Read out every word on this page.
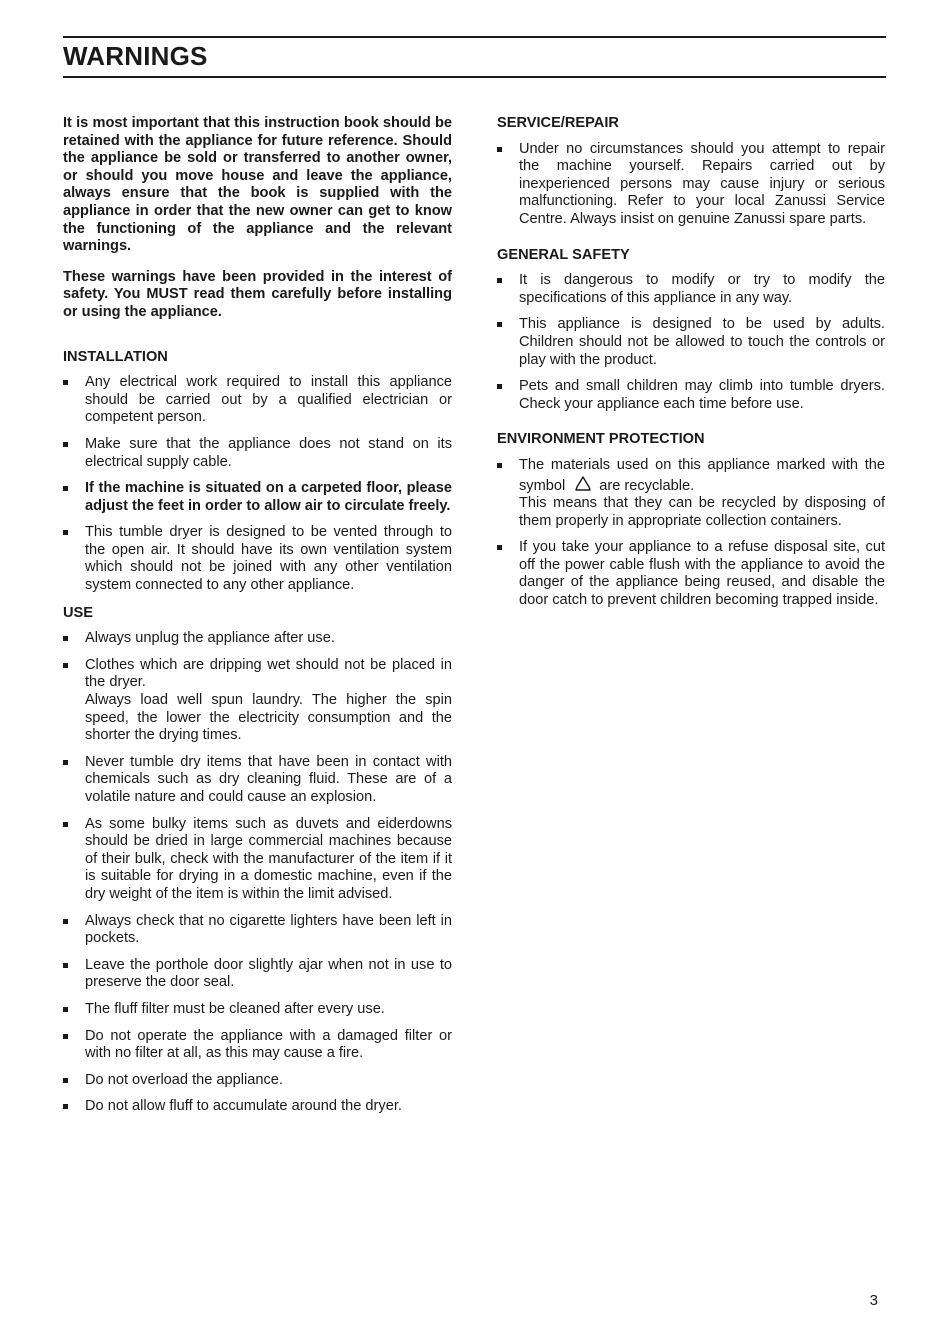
WARNINGS

It is most important that this instruction book should be retained with the appliance for future reference. Should the appliance be sold or transferred to another owner, or should you move house and leave the appliance, always ensure that the book is supplied with the appliance in order that the new owner can get to know the functioning of the appliance and the relevant warnings.

These warnings have been provided in the interest of safety. You MUST read them carefully before installing or using the appliance.

INSTALLATION
Any electrical work required to install this appliance should be carried out by a qualified electrician or competent person.
Make sure that the appliance does not stand on its electrical supply cable.
If the machine is situated on a carpeted floor, please adjust the feet in order to allow air to circulate freely.
This tumble dryer is designed to be vented through to the open air. It should have its own ventilation system which should not be joined with any other ventilation system connected to any other appliance.
USE
Always unplug the appliance after use.
Clothes which are dripping wet should not be placed in the dryer.
Always load well spun laundry. The higher the spin speed, the lower the electricity consumption and the shorter the drying times.
Never tumble dry items that have been in contact with chemicals such as dry cleaning fluid. These are of a volatile nature and could cause an explosion.
As some bulky items such as duvets and eiderdowns should be dried in large commercial machines because of their bulk, check with the manufacturer of the item if it is suitable for drying in a domestic machine, even if the dry weight of the item is within the limit advised.
Always check that no cigarette lighters have been left in pockets.
Leave the porthole door slightly ajar when not in use to preserve the door seal.
The fluff filter must be cleaned after every use.
Do not operate the appliance with a damaged filter or with no filter at all, as this may cause a fire.
Do not overload the appliance.
Do not allow fluff to accumulate around the dryer.
SERVICE/REPAIR
Under no circumstances should you attempt to repair the machine yourself. Repairs carried out by inexperienced persons may cause injury or serious malfunctioning. Refer to your local Zanussi Service Centre. Always insist on genuine Zanussi spare parts.
GENERAL SAFETY
It is dangerous to modify or try to modify the specifications of this appliance in any way.
This appliance is designed to be used by adults. Children should not be allowed to touch the controls or play with the product.
Pets and small children may climb into tumble dryers. Check your appliance each time before use.
ENVIRONMENT PROTECTION
The materials used on this appliance marked with the symbol are recyclable.
This means that they can be recycled by disposing of them properly in appropriate collection containers.
If you take your appliance to a refuse disposal site, cut off the power cable flush with the appliance to avoid the danger of the appliance being reused, and disable the door catch to prevent children becoming trapped inside.
3
